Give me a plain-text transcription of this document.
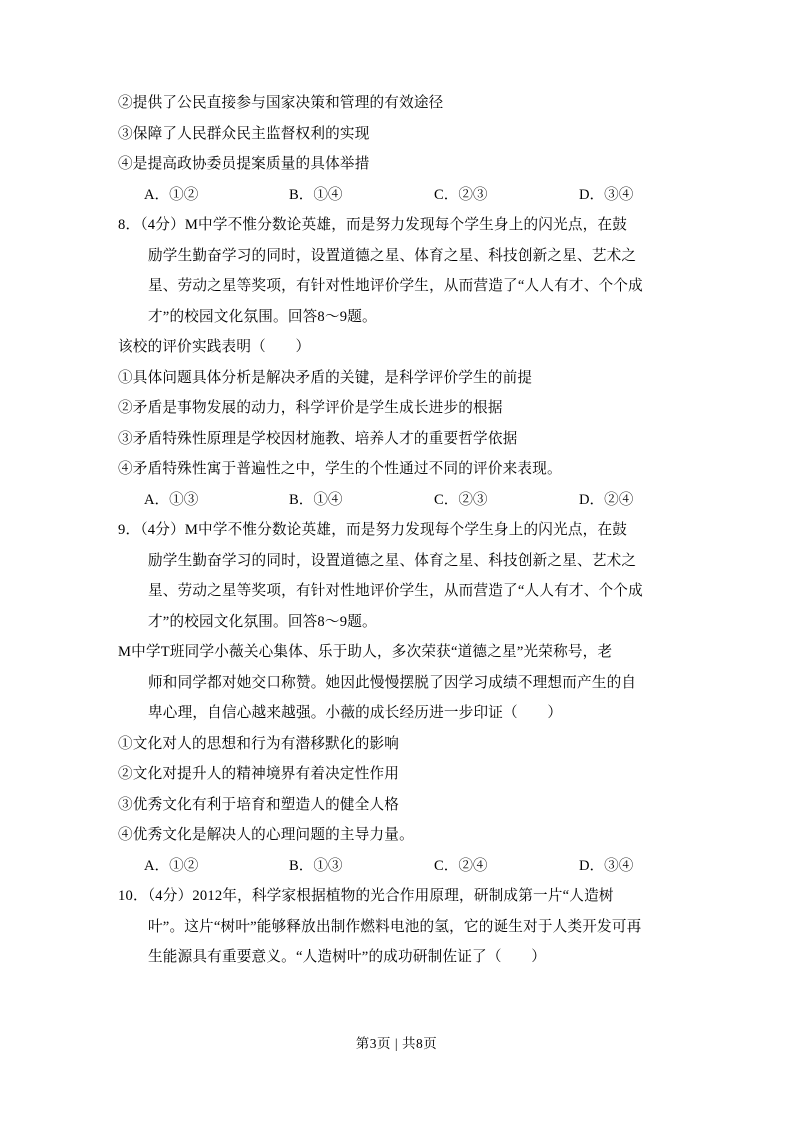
②提供了公民直接参与国家决策和管理的有效途径
③保障了人民群众民主监督权利的实现
④是提高政协委员提案质量的具体举措
A．①②	B．①④	C．②③	D．③④
8．（4分）M中学不惟分数论英雄，而是努力发现每个学生身上的闪光点，在鼓
励学生勤奋学习的同时，设置道德之星、体育之星、科技创新之星、艺术之
星、劳动之星等奖项，有针对性地评价学生，从而营造了“人人有才、个个成
才”的校园文化氛围。回答8～9题。
该校的评价实践表明（　　）
①具体问题具体分析是解决矛盾的关键，是科学评价学生的前提
②矛盾是事物发展的动力，科学评价是学生成长进步的根据
③矛盾特殊性原理是学校因材施教、培养人才的重要哲学依据
④矛盾特殊性寓于普遍性之中，学生的个性通过不同的评价来表现。
A．①③	B．①④	C．②③	D．②④
9．（4分）M中学不惟分数论英雄，而是努力发现每个学生身上的闪光点，在鼓
励学生勤奋学习的同时，设置道德之星、体育之星、科技创新之星、艺术之
星、劳动之星等奖项，有针对性地评价学生，从而营造了“人人有才、个个成
才”的校园文化氛围。回答8～9题。
M中学T班同学小薇关心集体、乐于助人，多次荣获“道德之星”光荣称号，老
师和同学都对她交口称赞。她因此慢慢摆脱了因学习成绩不理想而产生的自
卑心理，自信心越来越强。小薇的成长经历进一步印证（　　）
①文化对人的思想和行为有潜移默化的影响
②文化对提升人的精神境界有着决定性作用
③优秀文化有利于培育和塑造人的健全人格
④优秀文化是解决人的心理问题的主导力量。
A．①②	B．①③	C．②④	D．③④
10．（4分）2012年，科学家根据植物的光合作用原理，研制成第一片“人造树
叶”。这片“树叶”能够释放出制作燃料电池的氢，它的诞生对于人类开发可再
生能源具有重要意义。“人造树叶”的成功研制佐证了（　　）
第3页 | 共8页
